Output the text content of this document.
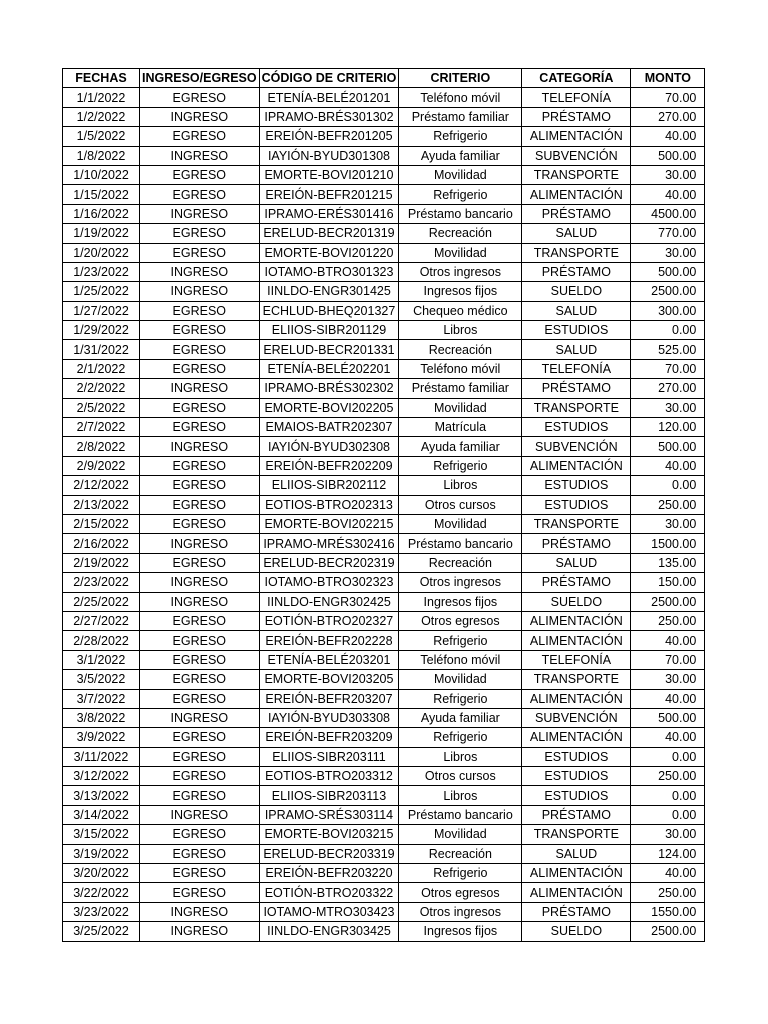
FECHAS	INGRESO/EGRESO	CÓDIGO DE CRITERIO	CRITERIO	CATEGORÍA	MONTO
1/1/2022	EGRESO	ETENÍA-BELÉ201201	Teléfono móvil	TELEFONÍA	70.00
1/2/2022	INGRESO	IPRAMO-BRÉS301302	Préstamo familiar	PRÉSTAMO	270.00
1/5/2022	EGRESO	EREIÓN-BEFR201205	Refrigerio	ALIMENTACIÓN	40.00
1/8/2022	INGRESO	IAYIÓN-BYUD301308	Ayuda familiar	SUBVENCIÓN	500.00
1/10/2022	EGRESO	EMORTE-BOVI201210	Movilidad	TRANSPORTE	30.00
1/15/2022	EGRESO	EREIÓN-BEFR201215	Refrigerio	ALIMENTACIÓN	40.00
1/16/2022	INGRESO	IPRAMO-ERÉS301416	Préstamo bancario	PRÉSTAMO	4500.00
1/19/2022	EGRESO	ERELUD-BECR201319	Recreación	SALUD	770.00
1/20/2022	EGRESO	EMORTE-BOVI201220	Movilidad	TRANSPORTE	30.00
1/23/2022	INGRESO	IOTAMO-BTRO301323	Otros ingresos	PRÉSTAMO	500.00
1/25/2022	INGRESO	IINLDO-ENGR301425	Ingresos fijos	SUELDO	2500.00
1/27/2022	EGRESO	ECHLUD-BHEQ201327	Chequeo médico	SALUD	300.00
1/29/2022	EGRESO	ELIIOS-SIBR201129	Libros	ESTUDIOS	0.00
1/31/2022	EGRESO	ERELUD-BECR201331	Recreación	SALUD	525.00
2/1/2022	EGRESO	ETENÍA-BELÉ202201	Teléfono móvil	TELEFONÍA	70.00
2/2/2022	INGRESO	IPRAMO-BRÉS302302	Préstamo familiar	PRÉSTAMO	270.00
2/5/2022	EGRESO	EMORTE-BOVI202205	Movilidad	TRANSPORTE	30.00
2/7/2022	EGRESO	EMAIOS-BATR202307	Matrícula	ESTUDIOS	120.00
2/8/2022	INGRESO	IAYIÓN-BYUD302308	Ayuda familiar	SUBVENCIÓN	500.00
2/9/2022	EGRESO	EREIÓN-BEFR202209	Refrigerio	ALIMENTACIÓN	40.00
2/12/2022	EGRESO	ELIIOS-SIBR202112	Libros	ESTUDIOS	0.00
2/13/2022	EGRESO	EOTIOS-BTRO202313	Otros cursos	ESTUDIOS	250.00
2/15/2022	EGRESO	EMORTE-BOVI202215	Movilidad	TRANSPORTE	30.00
2/16/2022	INGRESO	IPRAMO-MRÉS302416	Préstamo bancario	PRÉSTAMO	1500.00
2/19/2022	EGRESO	ERELUD-BECR202319	Recreación	SALUD	135.00
2/23/2022	INGRESO	IOTAMO-BTRO302323	Otros ingresos	PRÉSTAMO	150.00
2/25/2022	INGRESO	IINLDO-ENGR302425	Ingresos fijos	SUELDO	2500.00
2/27/2022	EGRESO	EOTIÓN-BTRO202327	Otros egresos	ALIMENTACIÓN	250.00
2/28/2022	EGRESO	EREIÓN-BEFR202228	Refrigerio	ALIMENTACIÓN	40.00
3/1/2022	EGRESO	ETENÍA-BELÉ203201	Teléfono móvil	TELEFONÍA	70.00
3/5/2022	EGRESO	EMORTE-BOVI203205	Movilidad	TRANSPORTE	30.00
3/7/2022	EGRESO	EREIÓN-BEFR203207	Refrigerio	ALIMENTACIÓN	40.00
3/8/2022	INGRESO	IAYIÓN-BYUD303308	Ayuda familiar	SUBVENCIÓN	500.00
3/9/2022	EGRESO	EREIÓN-BEFR203209	Refrigerio	ALIMENTACIÓN	40.00
3/11/2022	EGRESO	ELIIOS-SIBR203111	Libros	ESTUDIOS	0.00
3/12/2022	EGRESO	EOTIOS-BTRO203312	Otros cursos	ESTUDIOS	250.00
3/13/2022	EGRESO	ELIIOS-SIBR203113	Libros	ESTUDIOS	0.00
3/14/2022	INGRESO	IPRAMO-SRÉS303114	Préstamo bancario	PRÉSTAMO	0.00
3/15/2022	EGRESO	EMORTE-BOVI203215	Movilidad	TRANSPORTE	30.00
3/19/2022	EGRESO	ERELUD-BECR203319	Recreación	SALUD	124.00
3/20/2022	EGRESO	EREIÓN-BEFR203220	Refrigerio	ALIMENTACIÓN	40.00
3/22/2022	EGRESO	EOTIÓN-BTRO203322	Otros egresos	ALIMENTACIÓN	250.00
3/23/2022	INGRESO	IOTAMO-MTRO303423	Otros ingresos	PRÉSTAMO	1550.00
3/25/2022	INGRESO	IINLDO-ENGR303425	Ingresos fijos	SUELDO	2500.00
